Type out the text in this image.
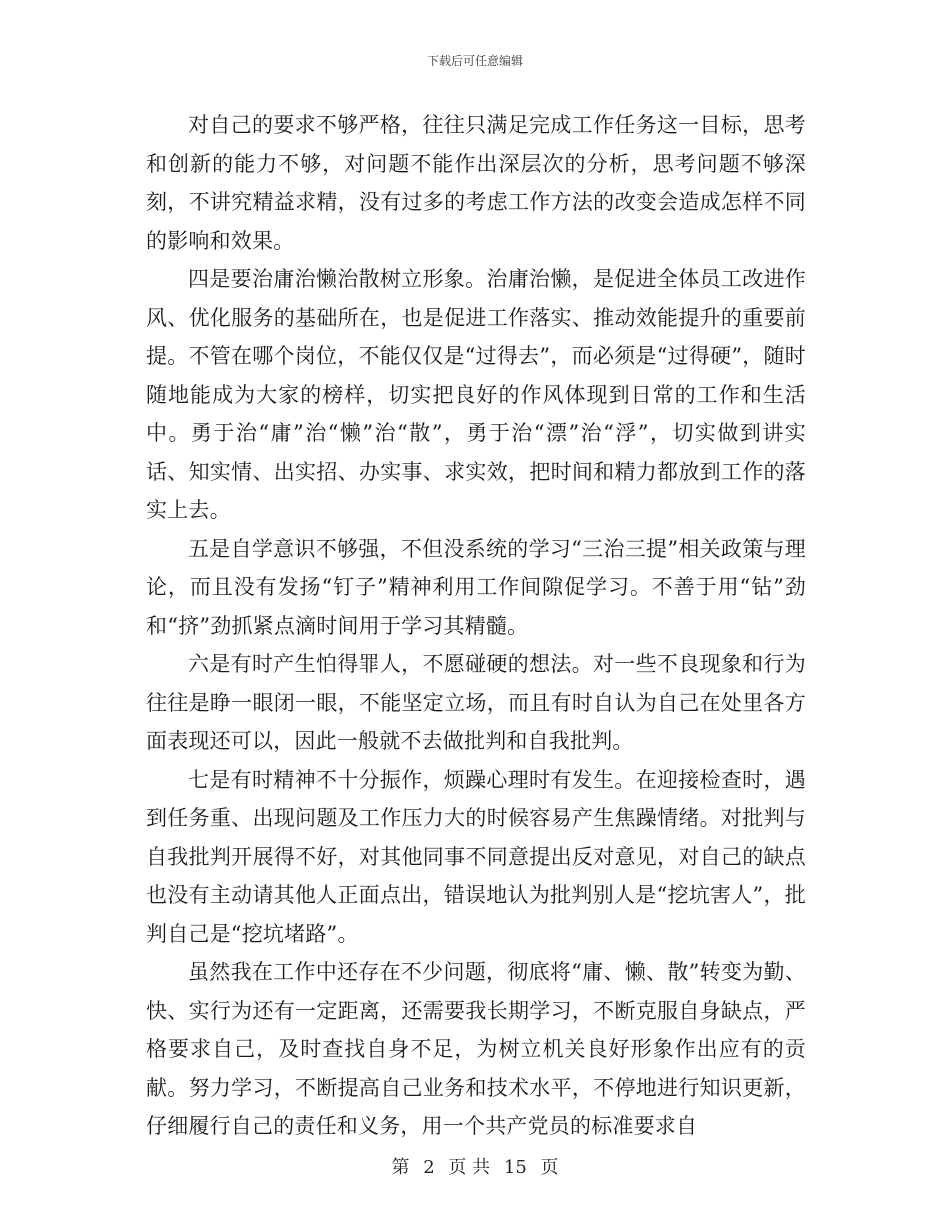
下载后可任意编辑

对自己的要求不够严格，往往只满足完成工作任务这一目标，思考和创新的能力不够，对问题不能作出深层次的分析，思考问题不够深刻，不讲究精益求精，没有过多的考虑工作方法的改变会造成怎样不同的影响和效果。

四是要治庸治懒治散树立形象。治庸治懒，是促进全体员工改进作风、优化服务的基础所在，也是促进工作落实、推动效能提升的重要前提。不管在哪个岗位，不能仅仅是“过得去”，而必须是“过得硬”，随时随地能成为大家的榜样，切实把良好的作风体现到日常的工作和生活中。勇于治“庸”治“懒”治“散”，勇于治“漂”治“浮”，切实做到讲实话、知实情、出实招、办实事、求实效，把时间和精力都放到工作的落实上去。

五是自学意识不够强，不但没系统的学习“三治三提”相关政策与理论，而且没有发扬“钉子”精神利用工作间隙促学习。不善于用“钻”劲和“挤”劲抓紧点滴时间用于学习其精髓。

六是有时产生怕得罪人，不愿碰硬的想法。对一些不良现象和行为往往是睁一眼闭一眼，不能坚定立场，而且有时自认为自己在处里各方面表现还可以，因此一般就不去做批判和自我批判。

七是有时精神不十分振作，烦躁心理时有发生。在迎接检查时，遇到任务重、出现问题及工作压力大的时候容易产生焦躁情绪。对批判与自我批判开展得不好，对其他同事不同意提出反对意见，对自己的缺点也没有主动请其他人正面点出，错误地认为批判别人是“挖坑害人”，批判自己是“挖坑堵路”。

虽然我在工作中还存在不少问题，彻底将“庸、懒、散”转变为勤、快、实行为还有一定距离，还需要我长期学习，不断克服自身缺点，严格要求自己，及时查找自身不足，为树立机关良好形象作出应有的贡献。努力学习，不断提高自己业务和技术水平，不停地进行知识更新，仔细履行自己的责任和义务，用一个共产党员的标准要求自

第 2 页 共 15 页
